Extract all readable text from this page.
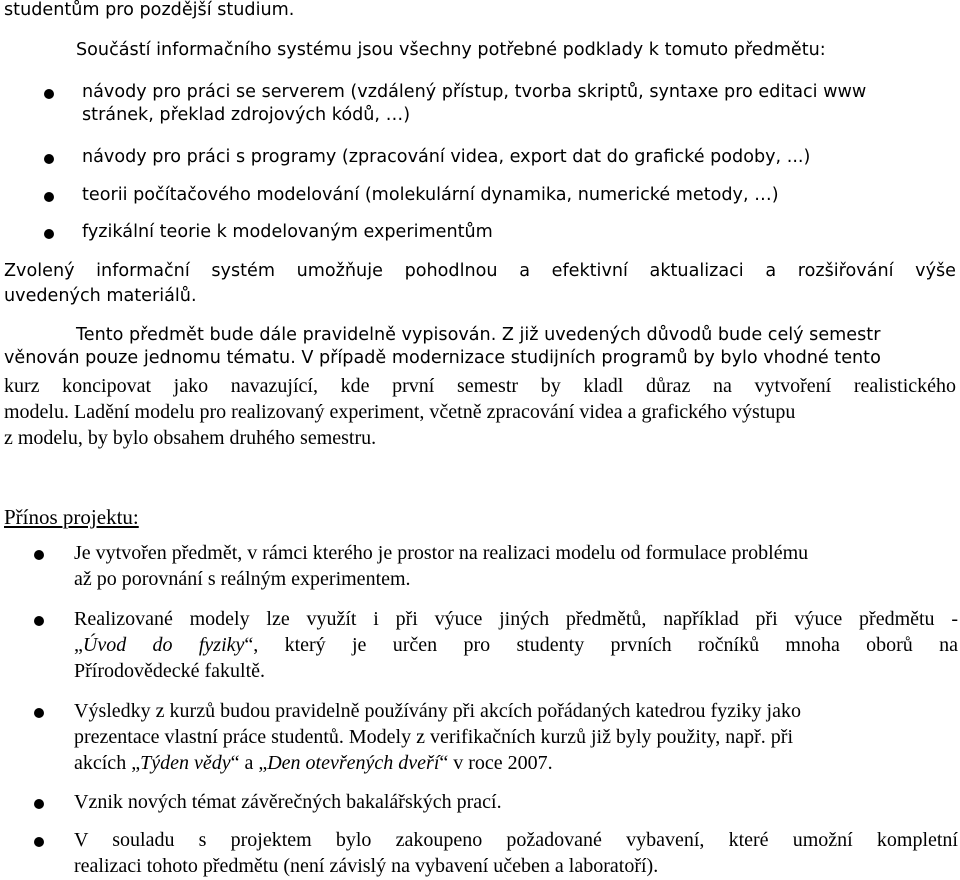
studentům pro pozdější studium.
Součástí informačního systému jsou všechny potřebné podklady k tomuto předmětu:
návody pro práci se serverem (vzdálený přístup, tvorba skriptů, syntaxe pro editaci www
stránek, překlad zdrojových kódů, …)
návody pro práci s programy (zpracování videa, export dat do grafické podoby, ...)
teorii počítačového modelování (molekulární dynamika, numerické metody, …)
fyzikální teorie k modelovaným experimentům
Zvolený informační systém umožňuje pohodlnou a efektivní aktualizaci a rozšiřování výše
uvedených materiálů.
Tento předmět bude dále pravidelně vypisován. Z již uvedených důvodů bude celý semestr
věnován pouze jednomu tématu. V případě modernizace studijních programů by bylo vhodné tento
kurz koncipovat jako navazující, kde první semestr by kladl důraz na vytvoření realistického
modelu. Ladění modelu pro realizovaný experiment, včetně zpracování videa a grafického výstupu
z modelu, by bylo obsahem druhého semestru.
Přínos projektu:
Je vytvořen předmět, v rámci kterého je prostor na realizaci modelu od formulace problému
až po porovnání s reálným experimentem.
Realizované modely lze využít i při výuce jiných předmětů, například při výuce předmětu -
„Úvod do fyziky“, který je určen pro studenty prvních ročníků mnoha oborů na
Přírodovědecké fakultě.
Výsledky z kurzů budou pravidelně používány při akcích pořádaných katedrou fyziky jako
prezentace vlastní práce studentů. Modely z verifikačních kurzů již byly použity, např. při
akcích „Týden vědy“ a „Den otevřených dveří“ v roce 2007.
Vznik nových témat závěrečných bakalářských prací.
V souladu s projektem bylo zakoupeno požadované vybavení, které umožní kompletní
realizaci tohoto předmětu (není závislý na vybavení učeben a laboratoří).
